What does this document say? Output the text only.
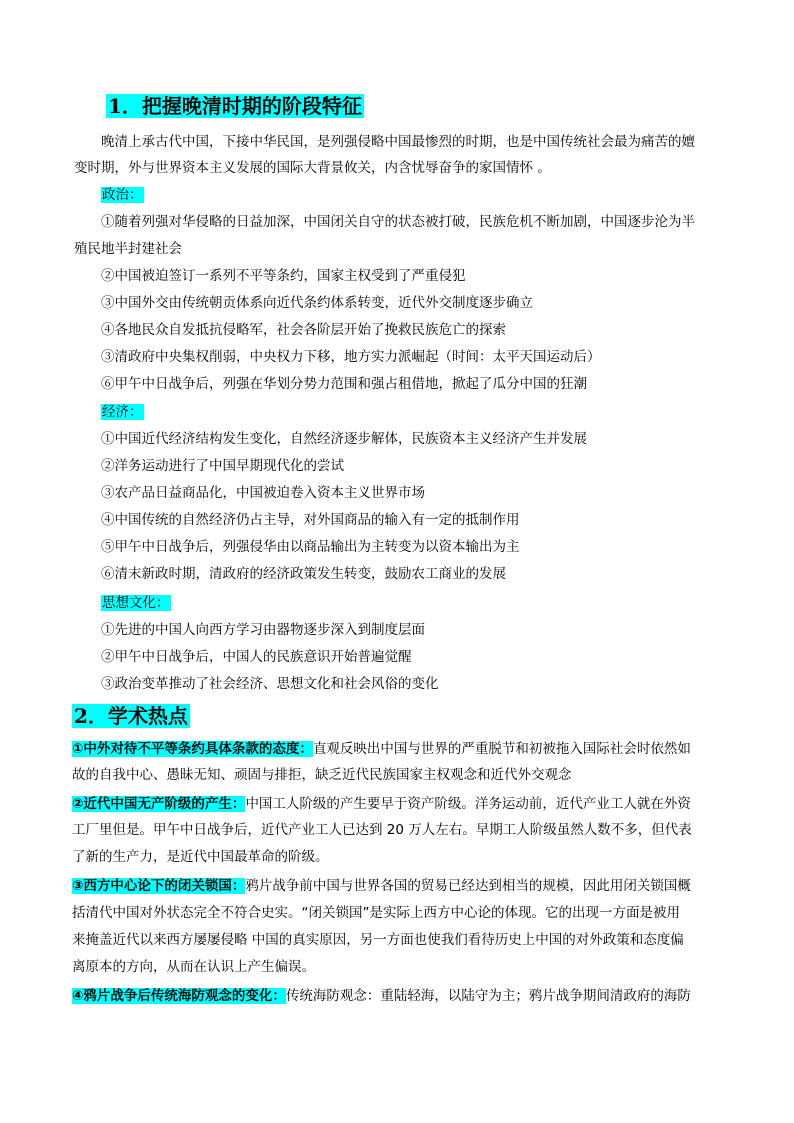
1．把握晚清时期的阶段特征
晚清上承古代中国，下接中华民国，是列强侵略中国最惨烈的时期，也是中国传统社会最为痛苦的嬗
变时期，外与世界资本主义发展的国际大背景攸关，内含忧辱奋争的家国情怀 。
政治：
①随着列强对华侵略的日益加深，中国闭关自守的状态被打破，民族危机不断加剧，中国逐步沦为半
殖民地半封建社会
②中国被迫签订一系列不平等条约，国家主权受到了严重侵犯
③中国外交由传统朝贡体系向近代条约体系转变，近代外交制度逐步确立
④各地民众自发抵抗侵略军，社会各阶层开始了挽救民族危亡的探索
③清政府中央集权削弱，中央权力下移，地方实力派崛起（时间：太平天国运动后）
⑥甲午中日战争后，列强在华划分势力范围和强占租借地，掀起了瓜分中国的狂潮
经济：
①中国近代经济结构发生变化，自然经济逐步解体，民族资本主义经济产生并发展
②洋务运动进行了中国早期现代化的尝试
③农产品日益商品化，中国被迫卷入资本主义世界市场
④中国传统的自然经济仍占主导，对外国商品的输入有一定的抵制作用
⑤甲午中日战争后，列强侵华由以商品输出为主转变为以资本输出为主
⑥清末新政时期，清政府的经济政策发生转变，鼓励农工商业的发展
思想文化：
①先进的中国人向西方学习由器物逐步深入到制度层面
②甲午中日战争后，中国人的民族意识开始普遍觉醒
③政治变革推动了社会经济、思想文化和社会风俗的变化
2．学术热点
①中外对待不平等条约具体条款的态度：直观反映出中国与世界的严重脱节和初被拖入国际社会时依然如
故的自我中心、愚昧无知、顽固与排拒，缺乏近代民族国家主权观念和近代外交观念
②近代中国无产阶级的产生：中国工人阶级的产生要早于资产阶级。洋务运动前，近代产业工人就在外资
工厂里但是。甲午中日战争后，近代产业工人已达到 20 万人左右。早期工人阶级虽然人数不多，但代表
了新的生产力，是近代中国最革命的阶级。
③西方中心论下的闭关锁国：鸦片战争前中国与世界各国的贸易已经达到相当的规模，因此用闭关锁国概
括清代中国对外状态完全不符合史实。“闭关锁国”是实际上西方中心论的体现。它的出现一方面是被用
来掩盖近代以来西方屡屡侵略 中国的真实原因，另一方面也使我们看待历史上中国的对外政策和态度偏
离原本的方向，从而在认识上产生偏误。
④鸦片战争后传统海防观念的变化：传统海防观念：重陆轻海，以陆守为主；鸦片战争期间清政府的海防
